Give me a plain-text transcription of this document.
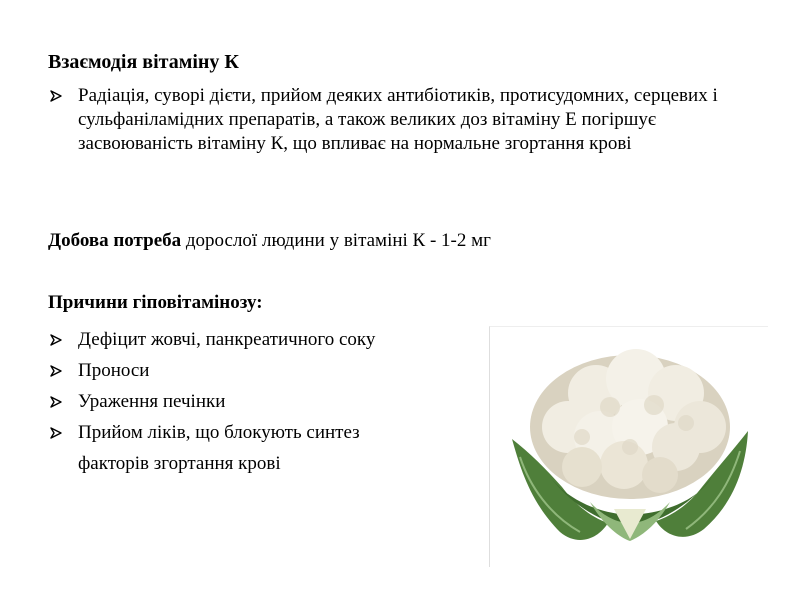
Взаємодія вітаміну К
Радіація, суворі дієти, прийом деяких антибіотиків, протисудомних, серцевих і сульфаніламідних препаратів, а також великих доз вітаміну Е погіршує засвоюваність вітаміну К, що впливає на нормальне згортання крові
Добова потреба дорослої людини у вітаміні К - 1-2 мг
Причини гіповітамінозу:
Дефіцит жовчі, панкреатичного соку
Проноси
Ураження печінки
Прийом ліків, що блокують синтез
факторів згортання крові
